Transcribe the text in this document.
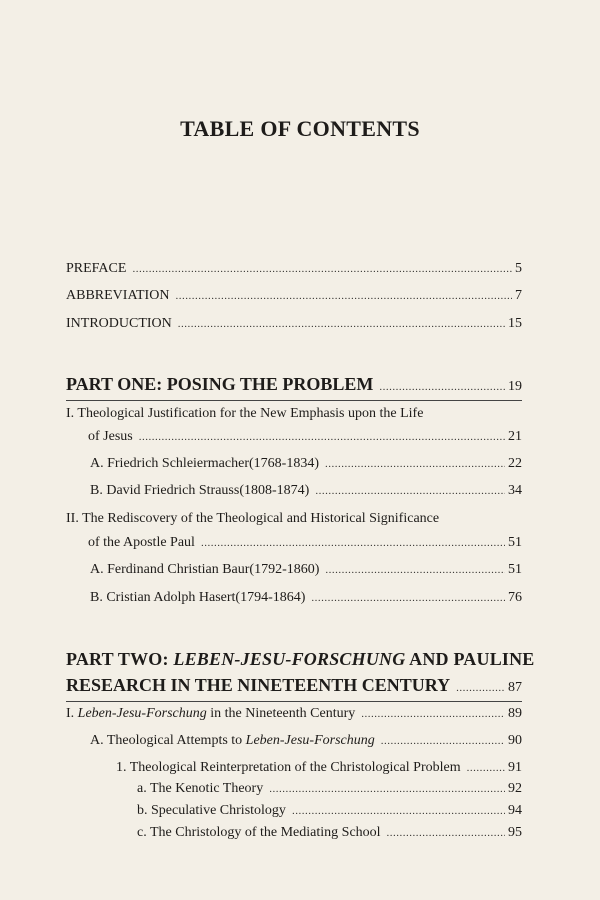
TABLE OF CONTENTS
PREFACE .....	5
ABBREVIATION .....	7
INTRODUCTION .....	15
PART ONE: POSING THE PROBLEM .....	19
I. Theological Justification for the New Emphasis upon the Life
of Jesus .....	21
A. Friedrich Schleiermacher(1768-1834) .....	22
B. David Friedrich Strauss(1808-1874) .....	34
II. The Rediscovery of the Theological and Historical Significance
of the Apostle Paul .....	51
A. Ferdinand Christian Baur(1792-1860) .....	51
B. Cristian Adolph Hasert(1794-1864) .....	76
PART TWO: LEBEN-JESU-FORSCHUNG AND PAULINE
RESEARCH IN THE NINETEENTH CENTURY .....	87
I. Leben-Jesu-Forschung in the Nineteenth Century .....	89
A. Theological Attempts to Leben-Jesu-Forschung .....	90
1. Theological Reinterpretation of the Christological Problem .....	91
a. The Kenotic Theory .....	92
b. Speculative Christology .....	94
c. The Christology of the Mediating School .....	95
